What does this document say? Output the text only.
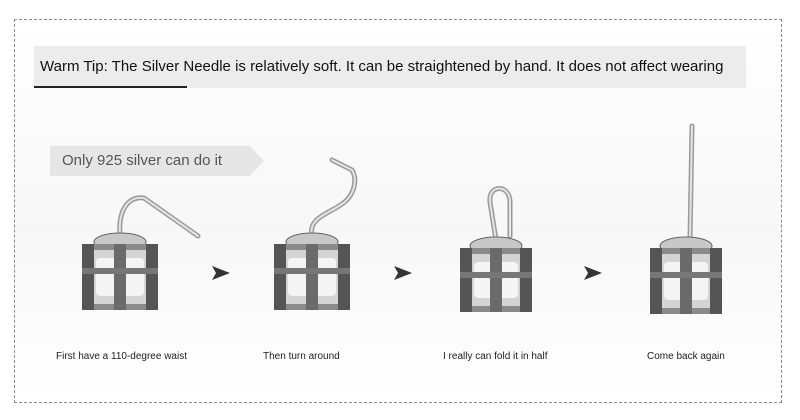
Warm Tip: The Silver Needle is relatively soft. It can be straightened by hand. It does not affect wearing
Only 925 silver can do it
First have a 110-degree waist	Then turn around	I really can fold it in half	Come back again
